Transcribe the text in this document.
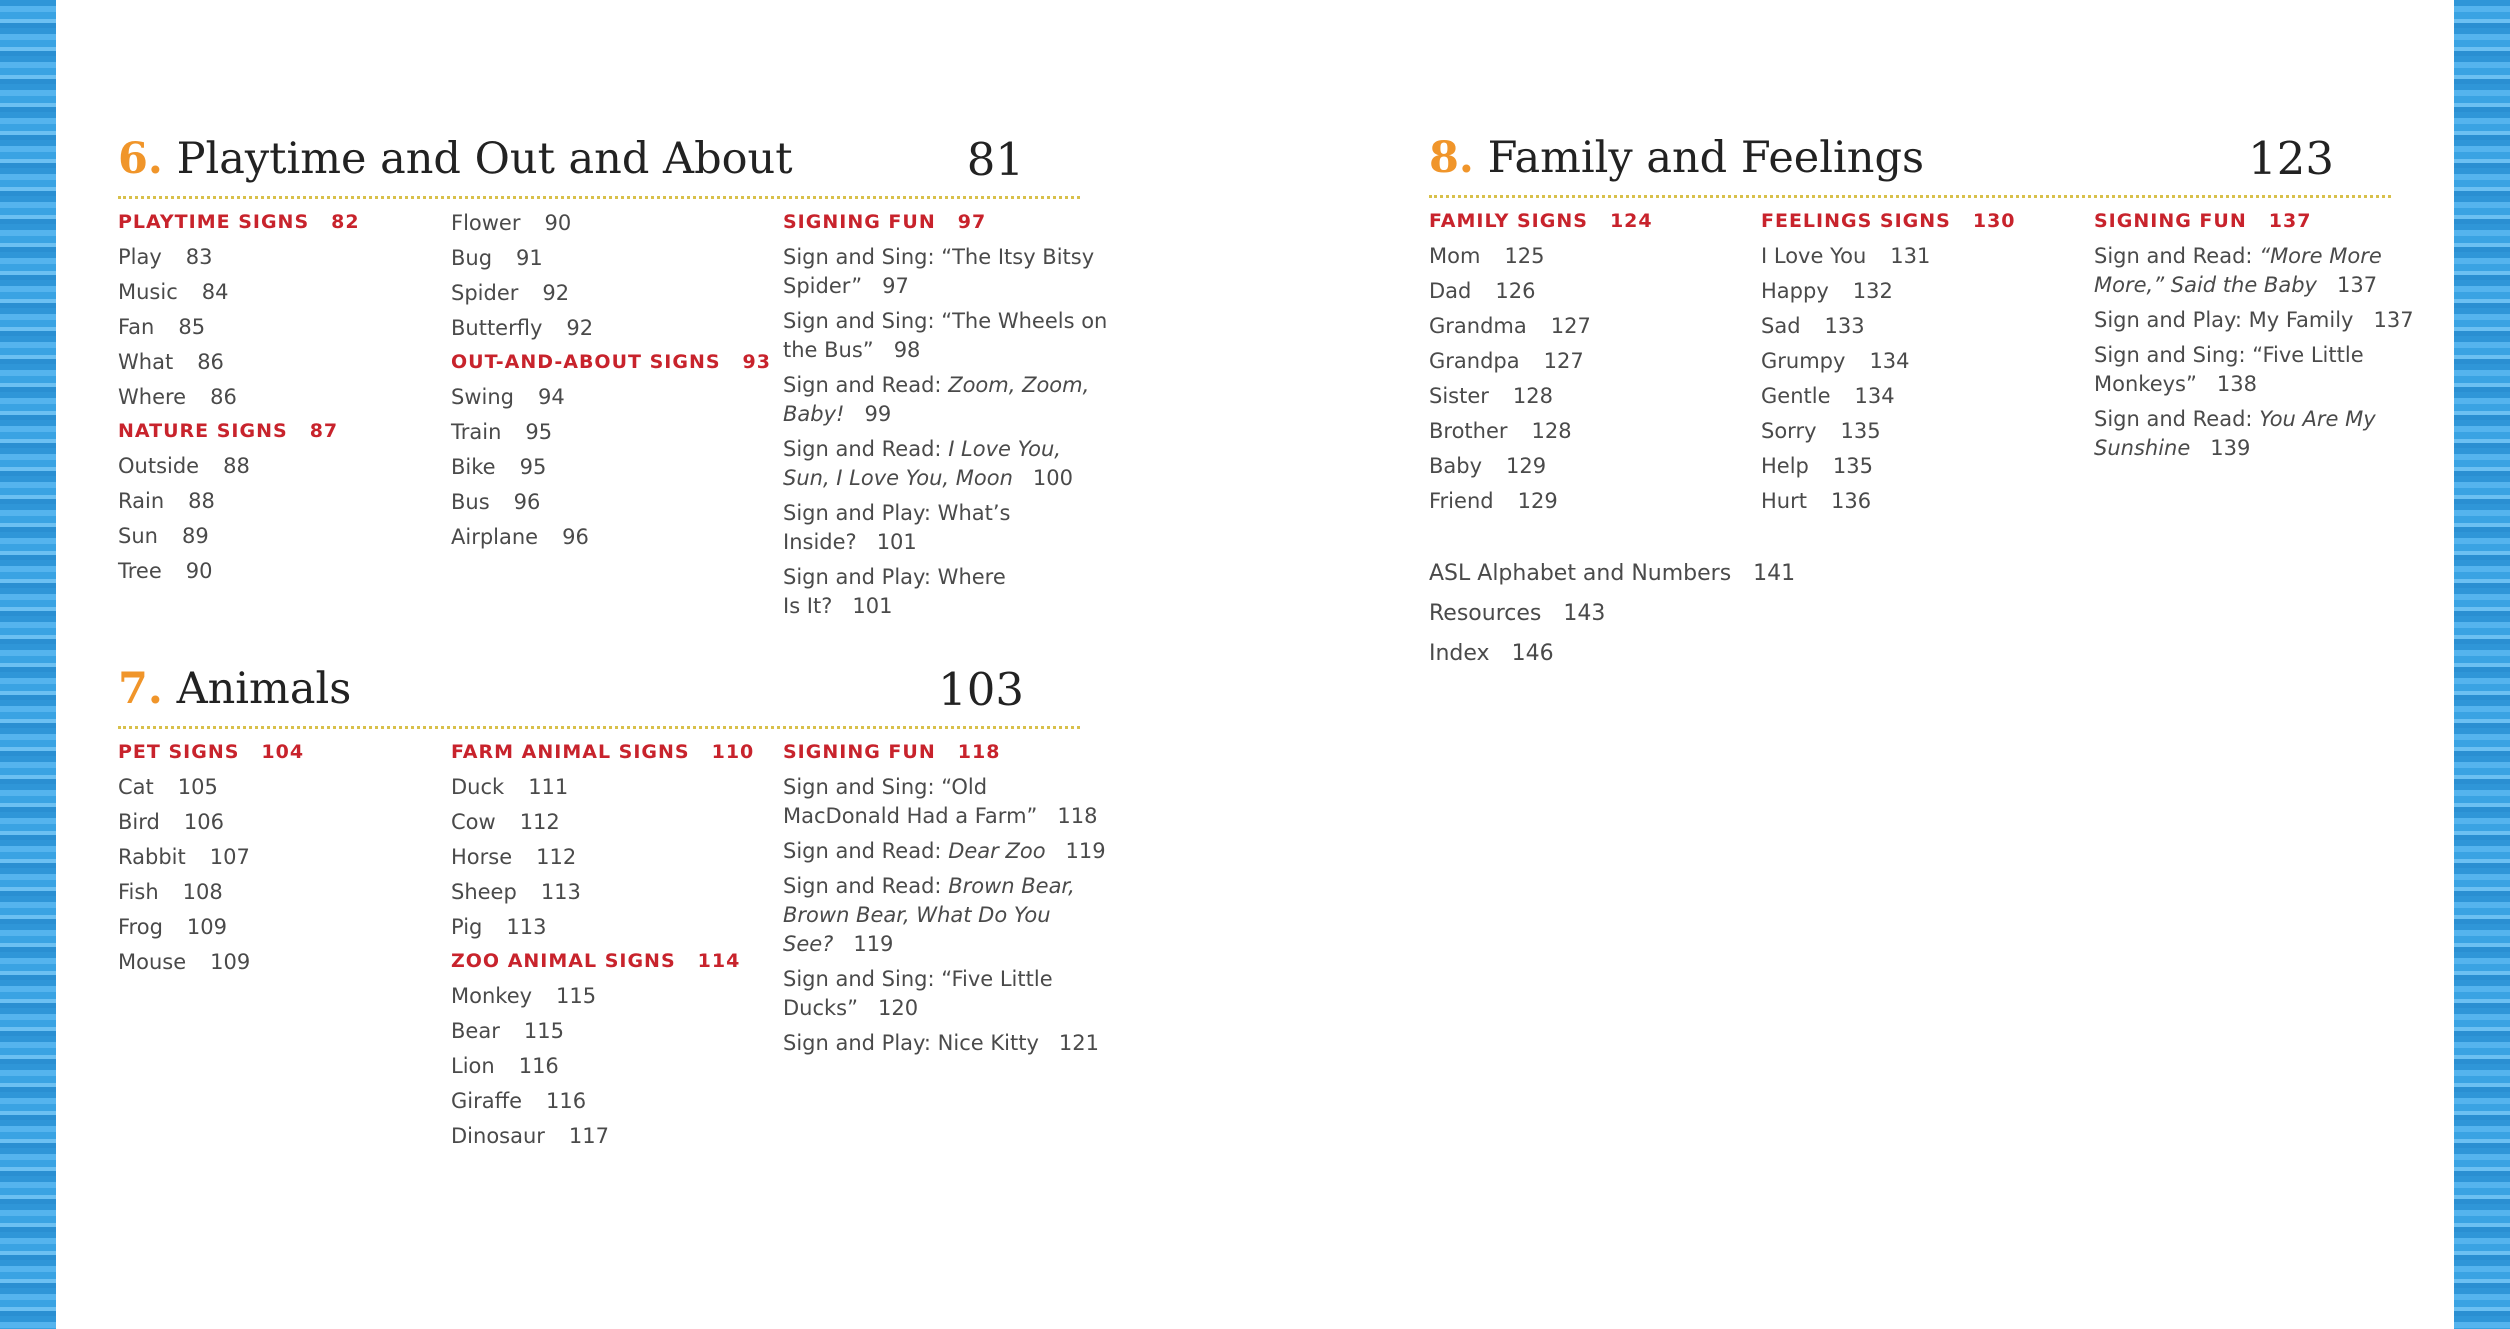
6. Playtime and Out and About	81
PLAYTIME SIGNS 82
Play 83
Music 84
Fan 85
What 86
Where 86
NATURE SIGNS 87
Outside 88
Rain 88
Sun 89
Tree 90
Flower 90
Bug 91
Spider 92
Butterfly 92
OUT-AND-ABOUT SIGNS 93
Swing 94
Train 95
Bike 95
Bus 96
Airplane 96
SIGNING FUN 97
Sign and Sing: “The Itsy Bitsy
Spider” 97
Sign and Sing: “The Wheels on
the Bus” 98
Sign and Read: Zoom, Zoom,
Baby! 99
Sign and Read: I Love You,
Sun, I Love You, Moon 100
Sign and Play: What’s
Inside? 101
Sign and Play: Where
Is It? 101
7. Animals	103
PET SIGNS 104
Cat 105
Bird 106
Rabbit 107
Fish 108
Frog 109
Mouse 109
FARM ANIMAL SIGNS 110
Duck 111
Cow 112
Horse 112
Sheep 113
Pig 113
ZOO ANIMAL SIGNS 114
Monkey 115
Bear 115
Lion 116
Giraffe 116
Dinosaur 117
SIGNING FUN 118
Sign and Sing: “Old
MacDonald Had a Farm” 118
Sign and Read: Dear Zoo 119
Sign and Read: Brown Bear,
Brown Bear, What Do You
See? 119
Sign and Sing: “Five Little
Ducks” 120
Sign and Play: Nice Kitty 121
8. Family and Feelings	123
FAMILY SIGNS 124
Mom 125
Dad 126
Grandma 127
Grandpa 127
Sister 128
Brother 128
Baby 129
Friend 129
FEELINGS SIGNS 130
I Love You 131
Happy 132
Sad 133
Grumpy 134
Gentle 134
Sorry 135
Help 135
Hurt 136
SIGNING FUN 137
Sign and Read: “More More
More,” Said the Baby 137
Sign and Play: My Family 137
Sign and Sing: “Five Little
Monkeys” 138
Sign and Read: You Are My
Sunshine 139
ASL Alphabet and Numbers 141
Resources 143
Index 146
